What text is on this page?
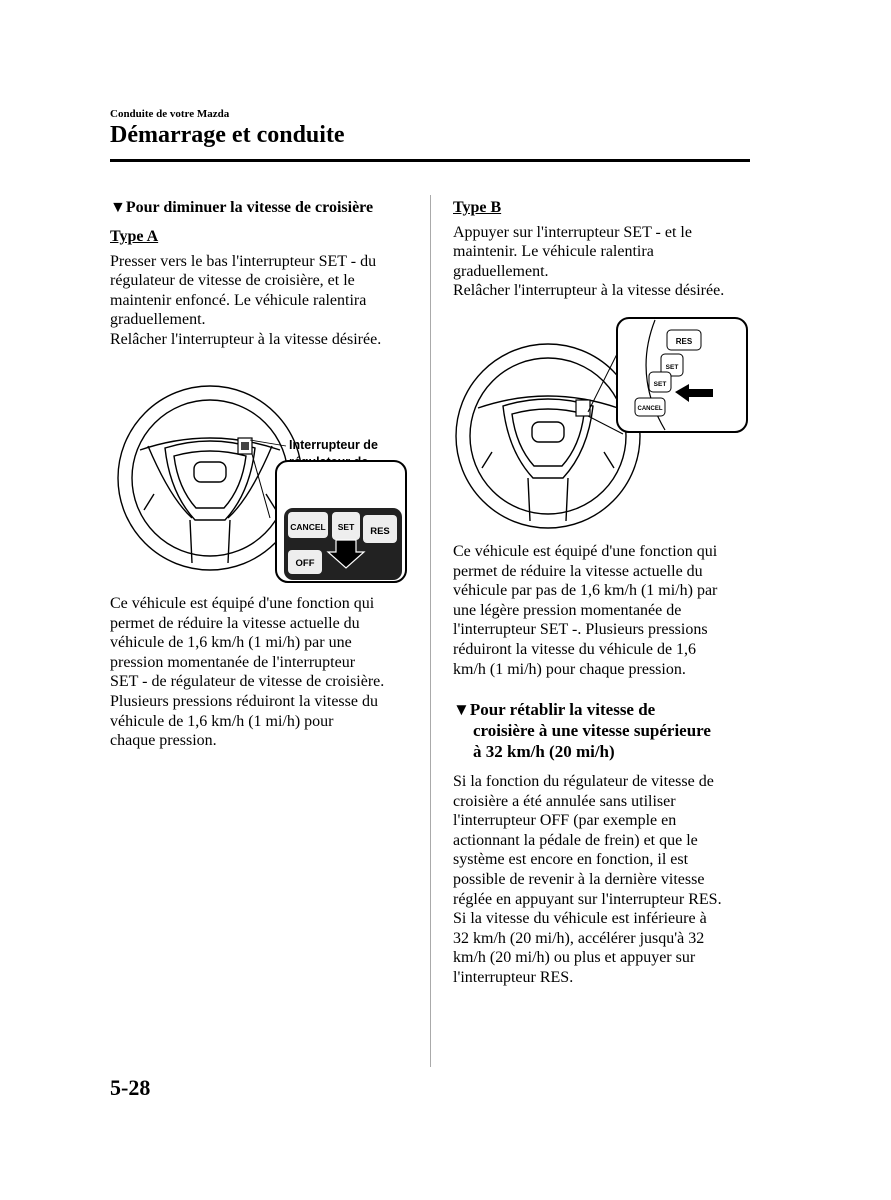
Conduite de votre Mazda
Démarrage et conduite

▼Pour diminuer la vitesse de croisière

Type A

Presser vers le bas l'interrupteur SET - du

régulateur de vitesse de croisière, et le

maintenir enfoncé. Le véhicule ralentira

graduellement.

Relâcher l'interrupteur à la vitesse désirée.

Interrupteur de
CANCEL SET RES
OFF

Ce véhicule est équipé d'une fonction qui

permet de réduire la vitesse actuelle du

véhicule de 1,6 km/h (1 mi/h) par une

pression momentanée de l'interrupteur

SET - de régulateur de vitesse de croisière.

Plusieurs pressions réduiront la vitesse du

véhicule de 1,6 km/h (1 mi/h) pour

chaque pression.

Type B

Appuyer sur l'interrupteur SET - et le

maintenir. Le véhicule ralentira

graduellement.

Relâcher l'interrupteur à la vitesse désirée.

RES
SET
SET
CANCEL

Ce véhicule est équipé d'une fonction qui

permet de réduire la vitesse actuelle du

véhicule par pas de 1,6 km/h (1 mi/h) par

une légère pression momentanée de

l'interrupteur SET -. Plusieurs pressions

réduiront la vitesse du véhicule de 1,6

km/h (1 mi/h) pour chaque pression.

▼Pour rétablir la vitesse de

croisière à une vitesse supérieure

à 32 km/h (20 mi/h)

Si la fonction du régulateur de vitesse de

croisière a été annulée sans utiliser

l'interrupteur OFF (par exemple en

actionnant la pédale de frein) et que le

système est encore en fonction, il est

possible de revenir à la dernière vitesse

réglée en appuyant sur l'interrupteur RES.

Si la vitesse du véhicule est inférieure à

32 km/h (20 mi/h), accélérer jusqu'à 32

km/h (20 mi/h) ou plus et appuyer sur

l'interrupteur RES.

5-28
